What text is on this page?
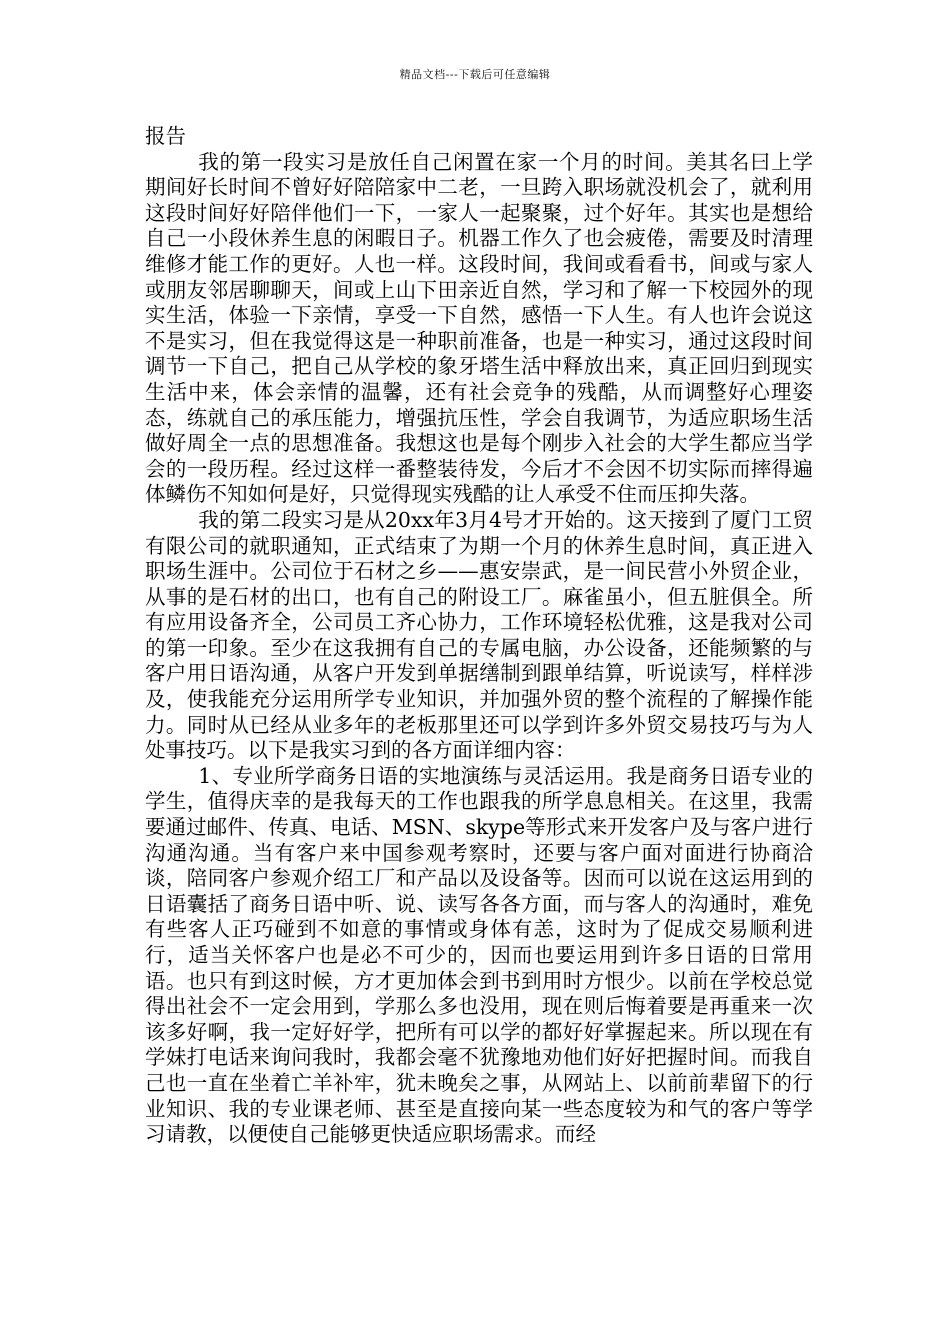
精品文档---下载后可任意编辑

报告

我的第一段实习是放任自己闲置在家一个月的时间。美其名曰上学期间好长时间不曾好好陪陪家中二老，一旦跨入职场就没机会了，就利用这段时间好好陪伴他们一下，一家人一起聚聚，过个好年。其实也是想给自己一小段休养生息的闲暇日子。机器工作久了也会疲倦，需要及时清理维修才能工作的更好。人也一样。这段时间，我间或看看书，间或与家人或朋友邻居聊聊天，间或上山下田亲近自然，学习和了解一下校园外的现实生活，体验一下亲情，享受一下自然，感悟一下人生。有人也许会说这不是实习，但在我觉得这是一种职前准备，也是一种实习，通过这段时间调节一下自己，把自己从学校的象牙塔生活中释放出来，真正回归到现实生活中来，体会亲情的温馨，还有社会竞争的残酷，从而调整好心理姿态，练就自己的承压能力，增强抗压性，学会自我调节，为适应职场生活做好周全一点的思想准备。我想这也是每个刚步入社会的大学生都应当学会的一段历程。经过这样一番整装待发，今后才不会因不切实际而摔得遍体鳞伤不知如何是好，只觉得现实残酷的让人承受不住而压抑失落。

我的第二段实习是从20xx年3月4号才开始的。这天接到了厦门工贸有限公司的就职通知，正式结束了为期一个月的休养生息时间，真正进入职场生涯中。公司位于石材之乡——惠安崇武，是一间民营小外贸企业，从事的是石材的出口，也有自己的附设工厂。麻雀虽小，但五脏俱全。所有应用设备齐全，公司员工齐心协力，工作环境轻松优雅，这是我对公司的第一印象。至少在这我拥有自己的专属电脑，办公设备，还能频繁的与客户用日语沟通，从客户开发到单据缮制到跟单结算，听说读写，样样涉及，使我能充分运用所学专业知识，并加强外贸的整个流程的了解操作能力。同时从已经从业多年的老板那里还可以学到许多外贸交易技巧与为人处事技巧。以下是我实习到的各方面详细内容：

1、专业所学商务日语的实地演练与灵活运用。我是商务日语专业的学生，值得庆幸的是我每天的工作也跟我的所学息息相关。在这里，我需要通过邮件、传真、电话、MSN、skype等形式来开发客户及与客户进行沟通沟通。当有客户来中国参观考察时，还要与客户面对面进行协商洽谈，陪同客户参观介绍工厂和产品以及设备等。因而可以说在这运用到的日语囊括了商务日语中听、说、读写各各方面，而与客人的沟通时，难免有些客人正巧碰到不如意的事情或身体有恙，这时为了促成交易顺利进行，适当关怀客户也是必不可少的，因而也要运用到许多日语的日常用语。也只有到这时候，方才更加体会到书到用时方恨少。以前在学校总觉得出社会不一定会用到，学那么多也没用，现在则后悔着要是再重来一次该多好啊，我一定好好学，把所有可以学的都好好掌握起来。所以现在有学妹打电话来询问我时，我都会毫不犹豫地劝他们好好把握时间。而我自己也一直在坐着亡羊补牢，犹未晚矣之事，从网站上、以前前辈留下的行业知识、我的专业课老师、甚至是直接向某一些态度较为和气的客户等学习请教，以便使自己能够更快适应职场需求。而经
